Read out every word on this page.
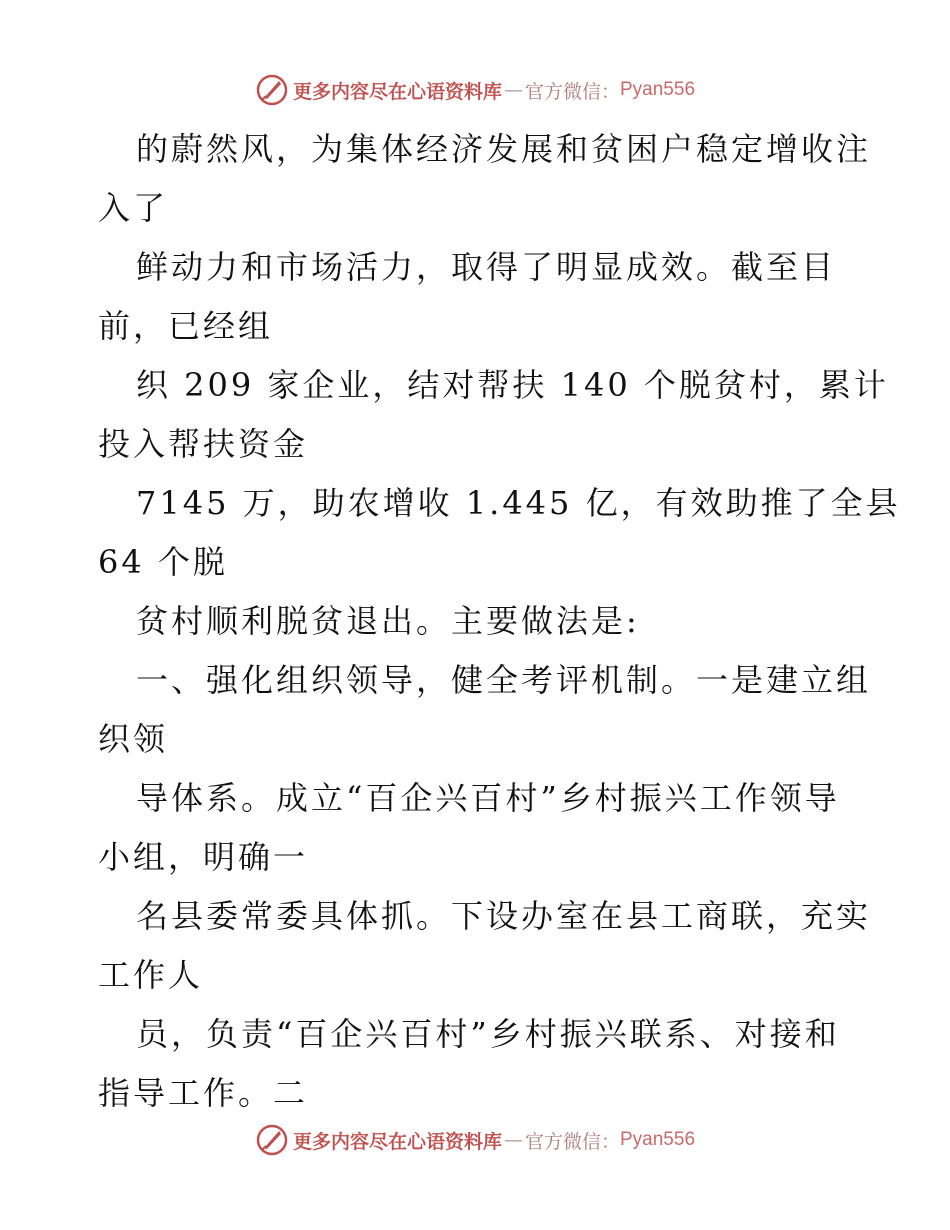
更多内容尽在心语资料库 — 官方微信： Pyan556

的蔚然风，为集体经济发展和贫困户稳定增收注

入了

鲜动力和市场活力，取得了明显成效。截至目

前，已经组

织 209 家企业，结对帮扶 140 个脱贫村，累计

投入帮扶资金

7145 万，助农增收 1.445 亿，有效助推了全县

64 个脱

贫村顺利脱贫退出。主要做法是:

一、强化组织领导，健全考评机制。一是建立组

织领

导体系。成立“百企兴百村”乡村振兴工作领导

小组，明确一

名县委常委具体抓。下设办室在县工商联，充实

工作人

员，负责“百企兴百村”乡村振兴联系、对接和

指导工作。二

更多内容尽在心语资料库 — 官方微信： Pyan556
